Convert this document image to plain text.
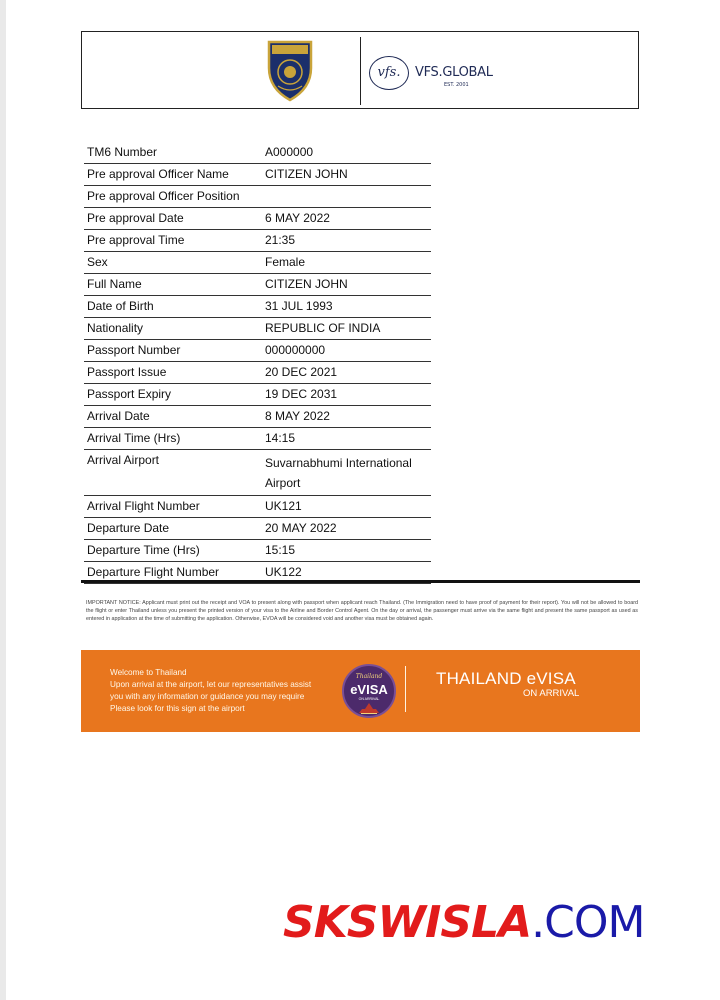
vfs.	VFS.GLOBAL
EST. 2001
TM6 Number	A000000
Pre approval Officer Name	CITIZEN JOHN
Pre approval Officer Position
Pre approval Date	6 MAY 2022
Pre approval Time	21:35
Sex	Female
Full Name	CITIZEN JOHN
Date of Birth	31 JUL 1993
Nationality	REPUBLIC OF INDIA
Passport Number	000000000
Passport Issue	20 DEC 2021
Passport Expiry	19 DEC 2031
Arrival Date	8 MAY 2022
Arrival Time (Hrs)	14:15
Arrival Airport	Suvarnabhumi International Airport
Arrival Flight Number	UK121
Departure Date	20 MAY 2022
Departure Time (Hrs)	15:15
Departure Flight Number	UK122
IMPORTANT NOTICE: Applicant must print out the receipt and VOA to present along with passport when applicant reach Thailand. (The Immigration need to have proof of payment for their report). You will not be allowed to board the flight or enter Thailand unless you present the printed version of your visa to the Airline and Border Control Agent. On the day or arrival, the passenger must arrive via the same flight and present the same passport as used as entered in application at the time of submitting the application. Otherwise, EVOA will be considered void and another visa must be obtained again.
Welcome to Thailand
Upon arrival at the airport, let our representatives assist
you with any information or guidance you may require
Please look for this sign at the airport
Thailand
eVISA
ON ARRIVAL
THAILAND eVISA
ON ARRIVAL
SKSWISLA.COM
